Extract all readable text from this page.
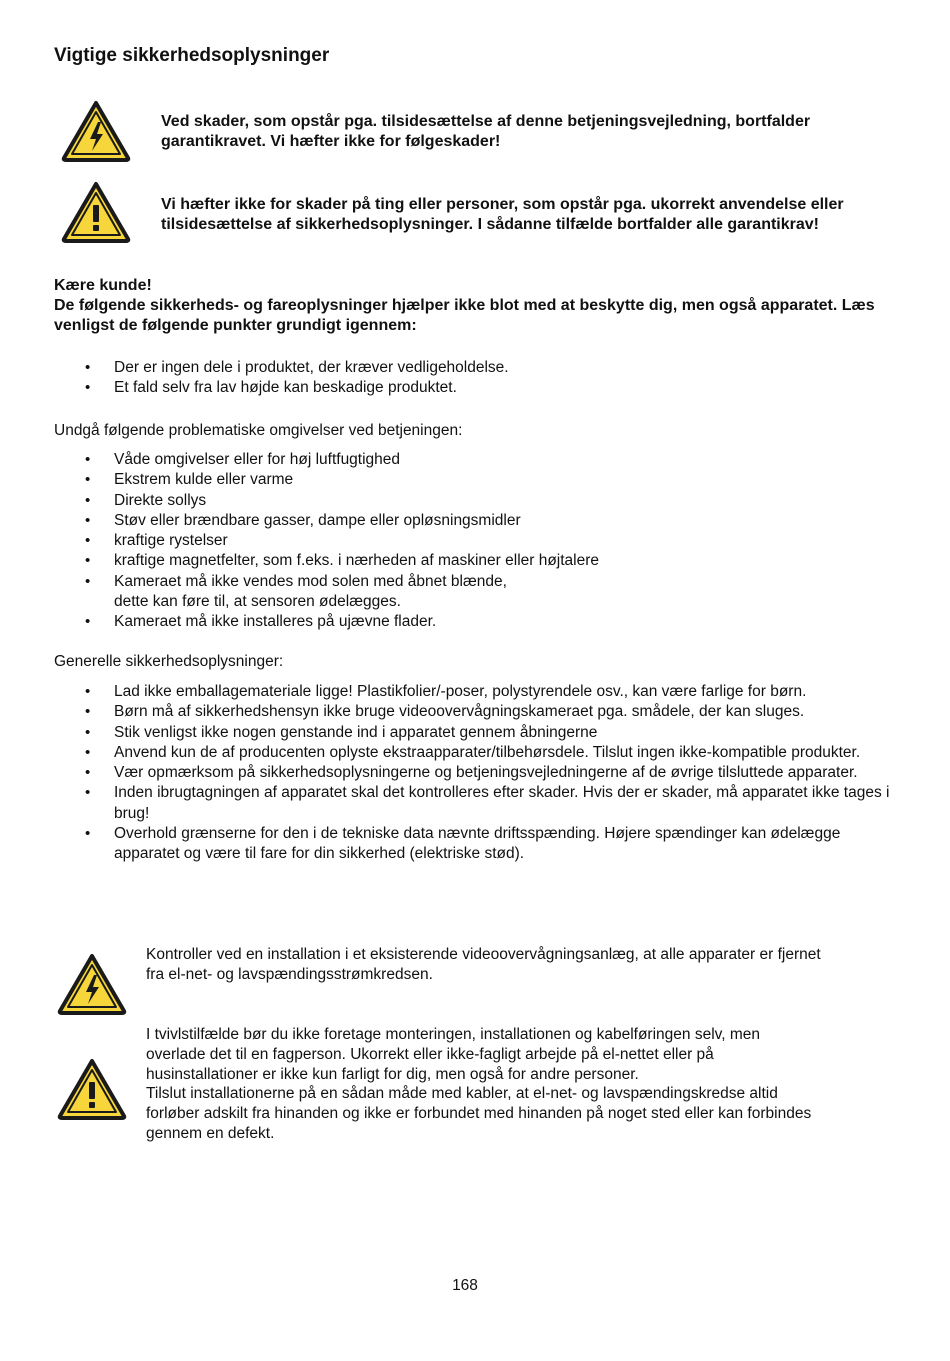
Vigtige sikkerhedsoplysninger

Ved skader, som opstår pga. tilsidesættelse af denne betjeningsvejledning, bortfalder garantikravet. Vi hæfter ikke for følgeskader!

Vi hæfter ikke for skader på ting eller personer, som opstår pga. ukorrekt anvendelse eller tilsidesættelse af sikkerhedsoplysninger. I sådanne tilfælde bortfalder alle garantikrav!

Kære kunde!
De følgende sikkerheds- og fareoplysninger hjælper ikke blot med at beskytte dig, men også apparatet. Læs venligst de følgende punkter grundigt igennem:
• Der er ingen dele i produktet, der kræver vedligeholdelse.
• Et fald selv fra lav højde kan beskadige produktet.

Undgå følgende problematiske omgivelser ved betjeningen:

• Våde omgivelser eller for høj luftfugtighed
• Ekstrem kulde eller varme
• Direkte sollys
• Støv eller brændbare gasser, dampe eller opløsningsmidler
• kraftige rystelser
• kraftige magnetfelter, som f.eks. i nærheden af maskiner eller højtalere
• Kameraet må ikke vendes mod solen med åbnet blænde,
dette kan føre til, at sensoren ødelægges.
• Kameraet må ikke installeres på ujævne flader.

Generelle sikkerhedsoplysninger:

• Lad ikke emballagemateriale ligge! Plastikfolier/-poser, polystyrendele osv., kan være farlige for børn.
• Børn må af sikkerhedshensyn ikke bruge videoovervågningskameraet pga. smådele, der kan sluges.
• Stik venligst ikke nogen genstande ind i apparatet gennem åbningerne
• Anvend kun de af producenten oplyste ekstraapparater/tilbehørsdele. Tilslut ingen ikke-kompatible produkter.
• Vær opmærksom på sikkerhedsoplysningerne og betjeningsvejledningerne af de øvrige tilsluttede apparater.
• Inden ibrugtagningen af apparatet skal det kontrolleres efter skader. Hvis der er skader, må apparatet ikke tages i brug!
• Overhold grænserne for den i de tekniske data nævnte driftsspænding. Højere spændinger kan ødelægge apparatet og være til fare for din sikkerhed (elektriske stød).

Kontroller ved en installation i et eksisterende videoovervågningsanlæg, at alle apparater er fjernet fra el-net- og lavspændingsstrømkredsen.

I tvivlstilfælde bør du ikke foretage monteringen, installationen og kabelføringen selv, men overlade det til en fagperson. Ukorrekt eller ikke-fagligt arbejde på el-nettet eller på husinstallationer er ikke kun farligt for dig, men også for andre personer.
Tilslut installationerne på en sådan måde med kabler, at el-net- og lavspændingskredse altid forløber adskilt fra hinanden og ikke er forbundet med hinanden på noget sted eller kan forbindes gennem en defekt.
168
